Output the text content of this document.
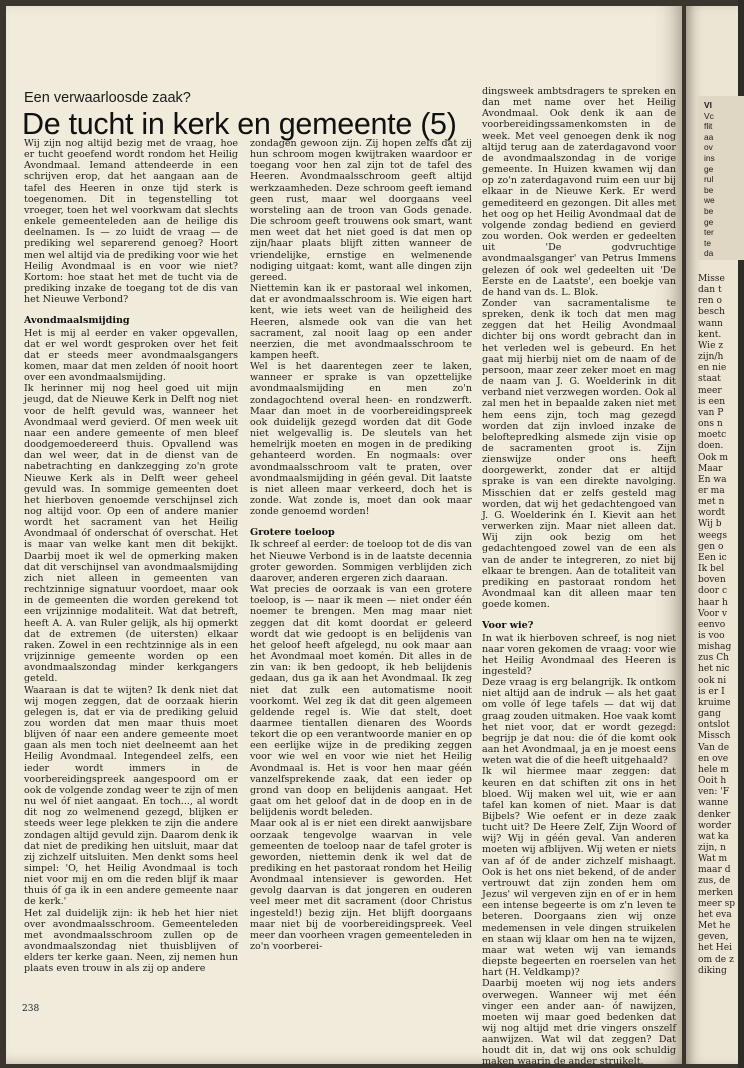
Een verwaarloosde zaak?
De tucht in kerk en gemeente (5)

Wij zijn nog altijd bezig met de vraag, hoe er tucht geoefend wordt rondom het Heilig Avondmaal. Iemand attendeerde in een schrijven erop, dat het aangaan aan de tafel des Heeren in onze tijd sterk is toegenomen. Dit in tegenstelling tot vroeger, toen het wel voorkwam dat slechts enkele gemeenteleden aan de heilige dis deelnamen. Is — zo luidt de vraag — de prediking wel separerend genoeg? Hoort men wel altijd via de prediking voor wie het Heilig Avondmaal is en voor wie niet? Kortom: hoe staat het met de tucht via de prediking inzake de toegang tot de dis van het Nieuwe Verbond?

Avondmaalsmijding

Het is mij al eerder en vaker opgevallen, dat er wel wordt gesproken over het feit dat er steeds meer avondmaalsgangers komen, maar dat men zelden óf nooit hoort over een avondmaalsmijding.

Ik herinner mij nog heel goed uit mijn jeugd, dat de Nieuwe Kerk in Delft nog niet voor de helft gevuld was, wanneer het Avondmaal werd gevierd. Of men week uit naar een andere gemeente of men bleef doodgemoedereerd thuis. Opvallend was dan wel weer, dat in de dienst van de nabetrachting en dankzegging zo'n grote Nieuwe Kerk als in Delft weer geheel gevuld was. In sommige gemeenten doet het hierboven genoemde verschijnsel zich nog altijd voor. Op een of andere manier wordt het sacrament van het Heilig Avondmaal óf onderschat óf overschat. Het is maar van welke kant men dit bekijkt. Daarbij moet ik wel de opmerking maken dat dit verschijnsel van avondmaalsmijding zich niet alleen in gemeenten van rechtzinnige signatuur voordoet, maar ook in de gemeenten die worden gerekend tot een vrijzinnige modaliteit. Wat dat betreft, heeft A. A. van Ruler gelijk, als hij opmerkt dat de extremen (de uitersten) elkaar raken. Zowel in een rechtzinnige als in een vrijzinnige gemeente worden op een avondmaalszondag minder kerkgangers geteld.

Waaraan is dat te wijten? Ik denk niet dat wij mogen zeggen, dat de oorzaak hierin gelegen is, dat er via de prediking geluid zou worden dat men maar thuis moet blijven óf naar een andere gemeente moet gaan als men toch niet deelneemt aan het Heilig Avondmaal. Integendeel zelfs, een ieder wordt immers in de voorbereidingspreek aangespoord om er ook de volgende zondag weer te zijn of men nu wel óf niet aangaat. En toch..., al wordt dit nog zo welmenend gezegd, blijken er steeds weer lege plekken te zijn die andere zondagen altijd gevuld zijn. Daarom denk ik dat niet de prediking hen uitsluit, maar dat zij zichzelf uitsluiten. Men denkt soms heel simpel: 'O, het Heilig Avondmaal is toch niet voor mij en om die reden blijf ik maar thuis óf ga ik in een andere gemeente naar de kerk.'

Het zal duidelijk zijn: ik heb het hier niet over avondmaalsschroom. Gemeenteleden met avondmaalsschroom zullen op de avondmaalszondag niet thuisblijven of elders ter kerke gaan. Neen, zij nemen hun plaats even trouw in als zij op andere

zondagen gewoon zijn. Zij hopen zelfs dat zij hun schroom mogen kwijtraken waardoor er toegang voor hen zal zijn tot de tafel des Heeren. Avondmaalsschroom geeft altijd werkzaamheden. Deze schroom geeft iemand geen rust, maar wel doorgaans veel worsteling aan de troon van Gods genade. Die schroom geeft trouwens ook smart, want men weet dat het niet goed is dat men op zijn/haar plaats blijft zitten wanneer de vriendelijke, ernstige en welmenende nodiging uitgaat: komt, want alle dingen zijn gereed.

Niettemin kan ik er pastoraal wel inkomen, dat er avondmaalsschroom is. Wie eigen hart kent, wie iets weet van de heiligheid des Heeren, alsmede ook van die van het sacrament, zal nooit laag op een ander neerzien, die met avondmaalsschroom te kampen heeft.

Wel is het daarentegen zeer te laken, wanneer er sprake is van opzettelijke avondmaalsmijding en men zo'n zondagochtend overal heen- en rondzwerft. Maar dan moet in de voorbereidingspreek ook duidelijk gezegd worden dat dit Gode niet welgevallig is. De sleutels van het hemelrijk moeten en mogen in de prediking gehanteerd worden. En nogmaals: over avondmaalsschroom valt te praten, over avondmaalsmijding in géén geval. Dit laatste is niet alleen maar verkeerd, doch het is zonde. Wat zonde is, moet dan ook maar zonde genoemd worden!

Grotere toeloop

Ik schreef al eerder: de toeloop tot de dis van het Nieuwe Verbond is in de laatste decennia groter geworden. Sommigen verblijden zich daarover, anderen ergeren zich daaraan.

Wat precies de oorzaak is van een grotere toeloop, is — naar ik meen — niet onder één noemer te brengen. Men mag maar niet zeggen dat dit komt doordat er geleerd wordt dat wie gedoopt is en belijdenis van het geloof heeft afgelegd, nu ook maar aan het Avondmaal moet komén. Dit alles in de zin van: ik ben gedoopt, ik heb belijdenis gedaan, dus ga ik aan het Avondmaal. Ik zeg niet dat zulk een automatisme nooit voorkomt. Wel zeg ik dat dit geen algemeen geldende regel is. Wie dat stelt, doet daarmee tientallen dienaren des Woords tekort die op een verantwoorde manier en op een eerlijke wijze in de prediking zeggen voor wie wel en voor wie niet het Heilig Avondmaal is. Het is voor hen maar géén vanzelfsprekende zaak, dat een ieder op grond van doop en belijdenis aangaat. Het gaat om het geloof dat in de doop en in de belijdenis wordt beleden.

Maar ook al is er niet een direkt aanwijsbare oorzaak tengevolge waarvan in vele gemeenten de toeloop naar de tafel groter is geworden, niettemin denk ik wel dat de prediking en het pastoraat rondom het Heilig Avondmaal intensiever is geworden. Het gevolg daarvan is dat jongeren en ouderen veel meer met dit sacrament (door Christus ingesteld!) bezig zijn. Het blijft doorgaans maar niet bij de voorbereidingspreek. Veel meer dan voorheen vragen gemeenteleden in zo'n voorberei-

dingsweek ambtsdragers te spreken en dan met name over het Heilig Avondmaal. Ook denk ik aan de voorbereidingssamenkomsten in de week. Met veel genoegen denk ik nog altijd terug aan de zaterdagavond voor de avondmaalszondag in de vorige gemeente. In Huizen kwamen wij dan op zo'n zaterdagavond ruim een uur bij elkaar in de Nieuwe Kerk. Er werd gemediteerd en gezongen. Dit alles met het oog op het Heilig Avondmaal dat de volgende zondag bediend en gevierd zou worden. Ook werden er gedeelten uit 'De godvruchtige avondmaalsganger' van Petrus Immens gelezen óf ook wel gedeelten uit 'De Eerste en de Laatste', een boekje van de hand van ds. L. Blok.

Zonder van sacramentalisme te spreken, denk ik toch dat men mag zeggen dat het Heilig Avondmaal dichter bij ons wordt gebracht dan in het verleden wel is gebeurd. En het gaat mij hierbij niet om de naam of de persoon, maar zeer zeker moet en mag de naam van J. G. Woelderink in dit verband niet verzwegen worden. Ook al zal men het in bepaalde zaken niet met hem eens zijn, toch mag gezegd worden dat zijn invloed inzake de beloftepredking alsmede zijn visie op de sacramenten groot is. Zijn zienswijze onder ons heeft doorgewerkt, zonder dat er altijd sprake is van een direkte navolging. Misschien dat er zelfs gesteld mag worden, dat wij het gedachtengoed van J. G. Woelderink én I. Kievit aan het verwerken zijn. Maar niet alleen dat. Wij zijn ook bezig om het gedachtengoed zowel van de een als van de ander te integreren, zo niet bij elkaar te brengen. Aan de totaliteit van prediking en pastoraat rondom het Avondmaal kan dit alleen maar ten goede komen.

Voor wie?

In wat ik hierboven schreef, is nog niet naar voren gekomen de vraag: voor wie het Heilig Avondmaal des Heeren is ingesteld?

Deze vraag is erg belangrijk. Ik ontkom niet altijd aan de indruk — als het gaat om volle óf lege tafels — dat wij dat graag zouden uitmaken. Hoe vaak komt het niet voor, dat er wordt gezegd: begrijp je dat nou: die óf die komt ook aan het Avondmaal, ja en je moest eens weten wat die of die heeft uitgehaald?

Ik wil hiermee maar zeggen: dat keuren en dat schiften zit ons in het bloed. Wij maken wel uit, wie er aan tafel kan komen of niet. Maar is dat Bijbels? Wie oefent er in deze zaak tucht uit? De Heere Zelf, Zijn Woord of wij? Wij in géén geval. Van anderen moeten wij afblijven. Wij weten er niets van af óf de ander zichzelf mishaagt. Ook is het ons niet bekend, of de ander vertrouwt dat zijn zonden hem om Jezus' wil vergeven zijn en of er in hem een intense begeerte is om z'n leven te beteren. Doorgaans zien wij onze medemensen in vele dingen struikelen en staan wij klaar om hen na te wijzen, maar wat weten wij van iemands diepste begeerten en roerselen van het hart (H. Veldkamp)?

Daarbij moeten wij nog iets anders overwegen. Wanneer wij met één vinger een ander aan- óf nawijzen, moeten wij maar goed bedenken dat wij nog altijd met drie vingers onszelf aanwijzen. Wat wil dat zeggen? Dat houdt dit in, dat wij ons ook schuldig maken waarin de ander struikelt.

238
VI
Vc
flit
aa
ov
ins
ge
rul
be
we
be
ge
ter
te
da
Misse
dan t
ren o
besch
wann
kent.
Wie z
zijn/h
en nie
staat
meer
is een
van P
ons n
moetc
doen.
Ook m
Maar
En wa
er ma
met n
wordt
Wij b
weegs
gen o
Een ic
Ik bel
boven
door c
haar h
Voor v
eenvo
is voo
mishag
zus Ch
het nic
ook ni
is er I
kruime
gang
ontslot
Missch
Van de
en ove
hele m
Ooit h
ven: 'F
wanne
denker
worder
wat ka
zijn, n
Wat m
maar d
zus, de
merken
meer sp
het eva
Met he
geven,
het Hei
om de z
diking
